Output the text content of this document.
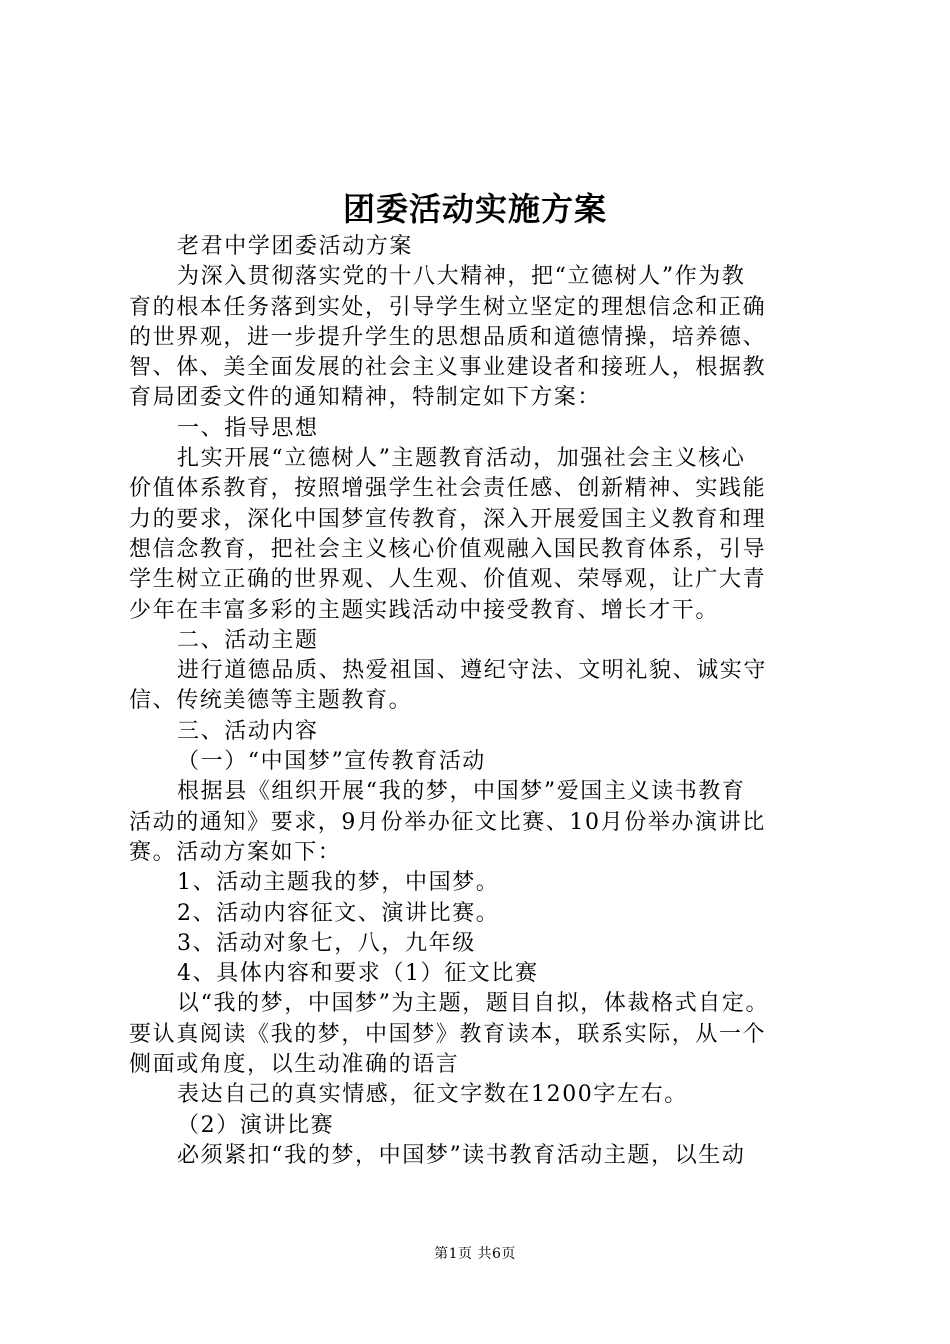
团委活动实施方案
老君中学团委活动方案
为深入贯彻落实党的十八大精神，把“立德树人”作为教
育的根本任务落到实处，引导学生树立坚定的理想信念和正确
的世界观，进一步提升学生的思想品质和道德情操，培养德、
智、体、美全面发展的社会主义事业建设者和接班人，根据教
育局团委文件的通知精神，特制定如下方案：
一、指导思想
扎实开展“立德树人”主题教育活动，加强社会主义核心
价值体系教育，按照增强学生社会责任感、创新精神、实践能
力的要求，深化中国梦宣传教育，深入开展爱国主义教育和理
想信念教育，把社会主义核心价值观融入国民教育体系，引导
学生树立正确的世界观、人生观、价值观、荣辱观，让广大青
少年在丰富多彩的主题实践活动中接受教育、增长才干。
二、活动主题
进行道德品质、热爱祖国、遵纪守法、文明礼貌、诚实守
信、传统美德等主题教育。
三、活动内容
（一）“中国梦”宣传教育活动
根据县《组织开展“我的梦，中国梦”爱国主义读书教育
活动的通知》要求，9月份举办征文比赛、10月份举办演讲比
赛。活动方案如下：
1、活动主题我的梦，中国梦。
2、活动内容征文、演讲比赛。
3、活动对象七，八，九年级
4、具体内容和要求（1）征文比赛
以“我的梦，中国梦”为主题，题目自拟，体裁格式自定。
要认真阅读《我的梦，中国梦》教育读本，联系实际，从一个
侧面或角度，以生动准确的语言
表达自己的真实情感，征文字数在1200字左右。
（2）演讲比赛
必须紧扣“我的梦，中国梦”读书教育活动主题，以生动
第1页 共6页
